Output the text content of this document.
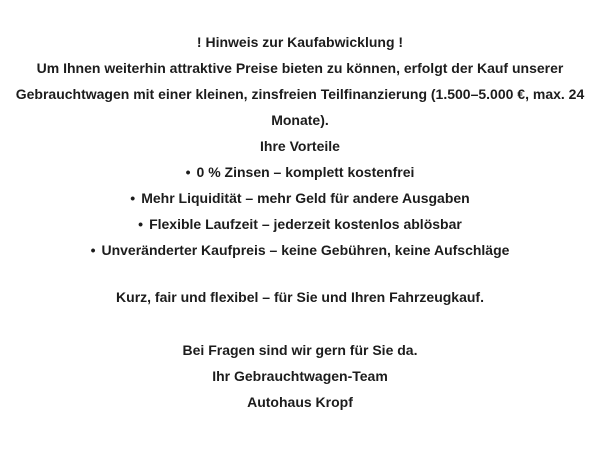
! Hinweis zur Kaufabwicklung !

Um Ihnen weiterhin attraktive Preise bieten zu können, erfolgt der Kauf unserer Gebrauchtwagen mit einer kleinen, zinsfreien Teilfinanzierung (1.500–5.000 €, max. 24 Monate).

Ihre Vorteile

• 0 % Zinsen – komplett kostenfrei
• Mehr Liquidität – mehr Geld für andere Ausgaben
• Flexible Laufzeit – jederzeit kostenlos ablösbar
• Unveränderter Kaufpreis – keine Gebühren, keine Aufschläge

Kurz, fair und flexibel – für Sie und Ihren Fahrzeugkauf.

Bei Fragen sind wir gern für Sie da.

Ihr Gebrauchtwagen-Team

Autohaus Kropf
